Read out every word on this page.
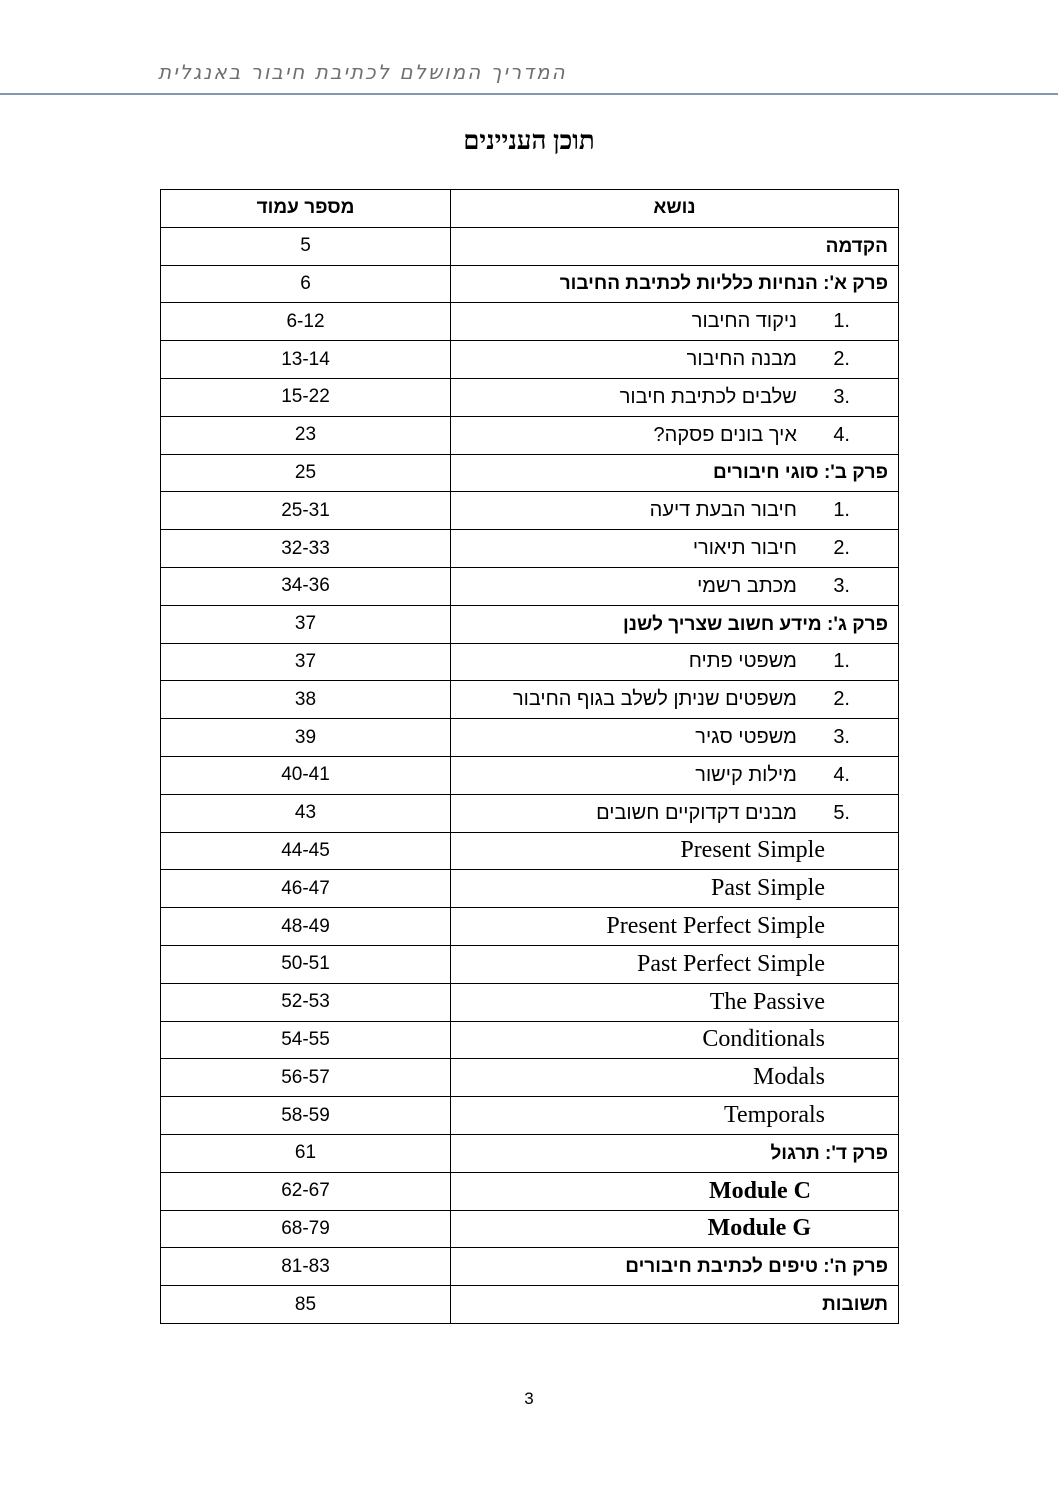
המדריך המושלם לכתיבת חיבור באנגלית
תוכן העניינים
מספר עמוד	נושא
5	הקדמה
6	פרק א': הנחיות כלליות לכתיבת החיבור
6-12	1.  ניקוד החיבור
13-14	2.  מבנה החיבור
15-22	3.  שלבים לכתיבת חיבור
23	4.  איך בונים פסקה?
25	פרק ב': סוגי חיבורים
25-31	1.  חיבור הבעת דיעה
32-33	2.  חיבור תיאורי
34-36	3.  מכתב רשמי
37	פרק ג': מידע חשוב שצריך לשנן
37	1.  משפטי פתיח
38	2.  משפטים שניתן לשלב בגוף החיבור
39	3.  משפטי סגיר
40-41	4.  מילות קישור
43	5.  מבנים דקדוקיים חשובים
44-45	Present Simple
46-47	Past Simple
48-49	Present Perfect Simple
50-51	Past Perfect Simple
52-53	The Passive
54-55	Conditionals
56-57	Modals
58-59	Temporals
61	פרק ד': תרגול
62-67	Module C
68-79	Module G
81-83	פרק ה': טיפים לכתיבת חיבורים
85	תשובות
3
